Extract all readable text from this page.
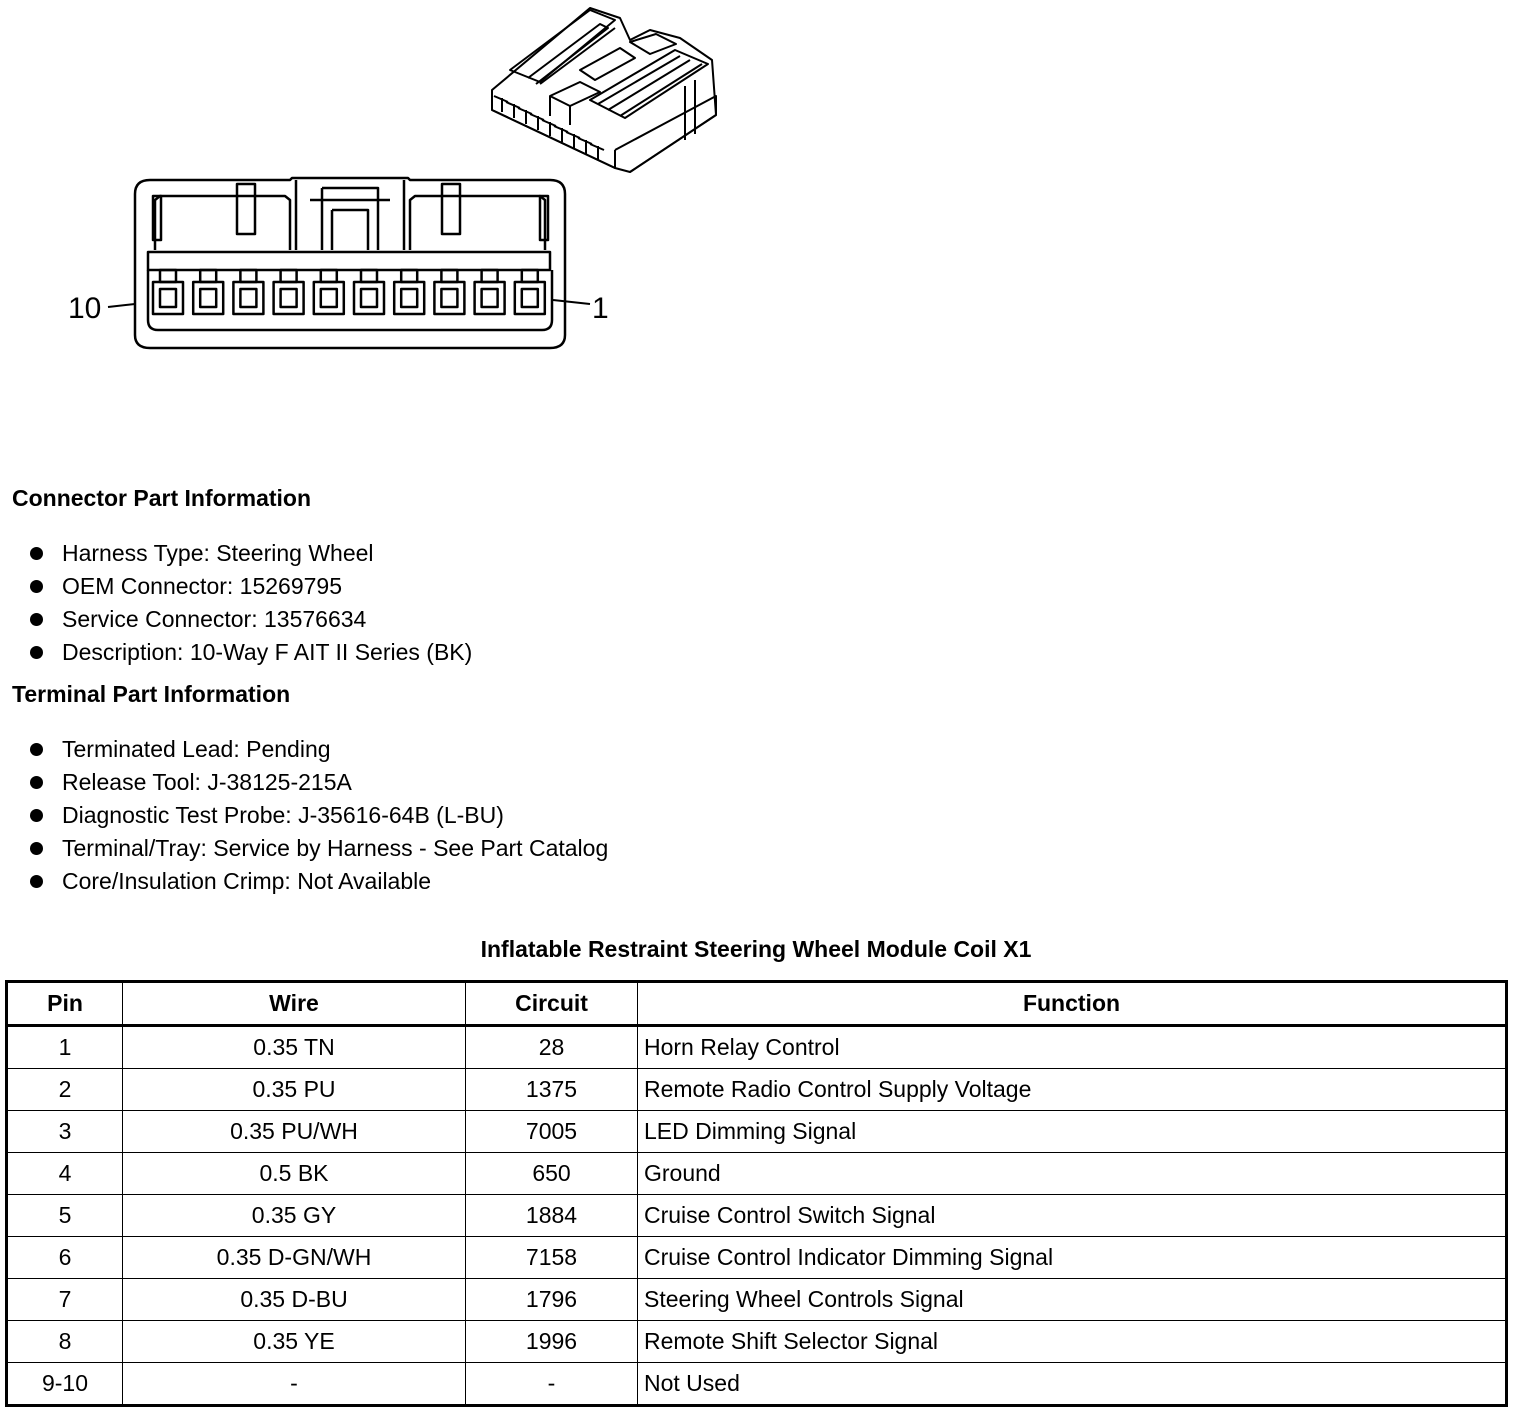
10	1
Connector Part Information
Harness Type: Steering Wheel
OEM Connector: 15269795
Service Connector: 13576634
Description: 10-Way F AIT II Series (BK)
Terminal Part Information
Terminated Lead: Pending
Release Tool: J-38125-215A
Diagnostic Test Probe: J-35616-64B (L-BU)
Terminal/Tray: Service by Harness - See Part Catalog
Core/Insulation Crimp: Not Available
Inflatable Restraint Steering Wheel Module Coil X1
Pin	Wire	Circuit	Function
1	0.35 TN	28	Horn Relay Control
2	0.35 PU	1375	Remote Radio Control Supply Voltage
3	0.35 PU/WH	7005	LED Dimming Signal
4	0.5 BK	650	Ground
5	0.35 GY	1884	Cruise Control Switch Signal
6	0.35 D-GN/WH	7158	Cruise Control Indicator Dimming Signal
7	0.35 D-BU	1796	Steering Wheel Controls Signal
8	0.35 YE	1996	Remote Shift Selector Signal
9-10	-	-	Not Used
